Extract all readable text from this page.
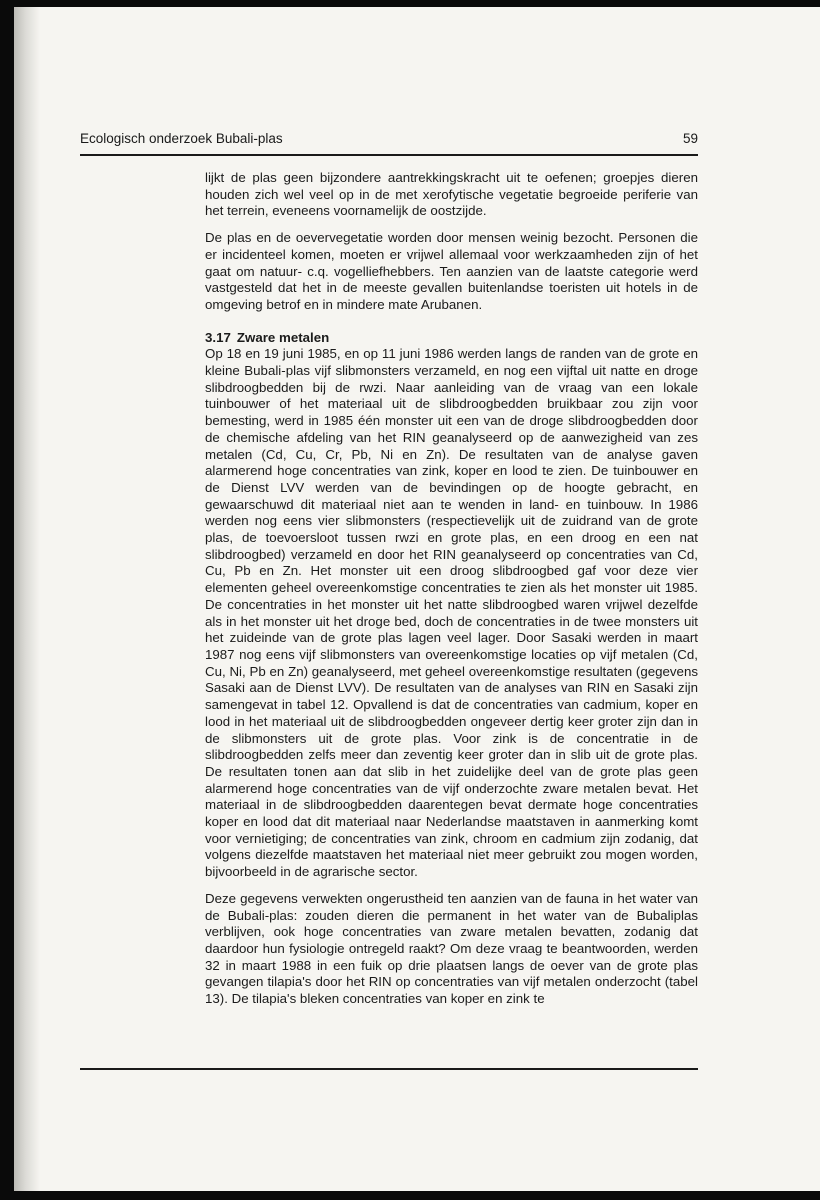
Ecologisch onderzoek Bubali-plas	59

lijkt de plas geen bijzondere aantrekkingskracht uit te oefenen; groepjes dieren houden zich wel veel op in de met xerofytische vegetatie begroeide periferie van het terrein, eveneens voornamelijk de oostzijde.

De plas en de oevervegetatie worden door mensen weinig bezocht. Personen die er incidenteel komen, moeten er vrijwel allemaal voor werkzaamheden zijn of het gaat om natuur- c.q. vogelliefhebbers. Ten aanzien van de laatste categorie werd vastgesteld dat het in de meeste gevallen buitenlandse toeristen uit hotels in de omgeving betrof en in mindere mate Arubanen.

3.17 Zware metalen

Op 18 en 19 juni 1985, en op 11 juni 1986 werden langs de randen van de grote en kleine Bubali-plas vijf slibmonsters verzameld, en nog een vijftal uit natte en droge slibdroogbedden bij de rwzi. Naar aanleiding van de vraag van een lokale tuinbouwer of het materiaal uit de slibdroogbedden bruikbaar zou zijn voor bemesting, werd in 1985 één monster uit een van de droge slibdroogbedden door de chemische afdeling van het RIN geanalyseerd op de aanwezigheid van zes metalen (Cd, Cu, Cr, Pb, Ni en Zn). De resultaten van de analyse gaven alarmerend hoge concentraties van zink, koper en lood te zien. De tuinbouwer en de Dienst LVV werden van de bevindingen op de hoogte gebracht, en gewaarschuwd dit materiaal niet aan te wenden in land- en tuinbouw. In 1986 werden nog eens vier slibmonsters (respectievelijk uit de zuidrand van de grote plas, de toevoersloot tussen rwzi en grote plas, en een droog en een nat slibdroogbed) verzameld en door het RIN geanalyseerd op concentraties van Cd, Cu, Pb en Zn. Het monster uit een droog slibdroogbed gaf voor deze vier elementen geheel overeenkomstige concentraties te zien als het monster uit 1985. De concentraties in het monster uit het natte slibdroogbed waren vrijwel dezelfde als in het monster uit het droge bed, doch de concentraties in de twee monsters uit het zuideinde van de grote plas lagen veel lager. Door Sasaki werden in maart 1987 nog eens vijf slibmonsters van overeenkomstige locaties op vijf metalen (Cd, Cu, Ni, Pb en Zn) geanalyseerd, met geheel overeenkomstige resultaten (gegevens Sasaki aan de Dienst LVV). De resultaten van de analyses van RIN en Sasaki zijn samengevat in tabel 12. Opvallend is dat de concentraties van cadmium, koper en lood in het materiaal uit de slibdroogbedden ongeveer dertig keer groter zijn dan in de slibmonsters uit de grote plas. Voor zink is de concentratie in de slibdroogbedden zelfs meer dan zeventig keer groter dan in slib uit de grote plas. De resultaten tonen aan dat slib in het zuidelijke deel van de grote plas geen alarmerend hoge concentraties van de vijf onderzochte zware metalen bevat. Het materiaal in de slibdroogbedden daarentegen bevat dermate hoge concentraties koper en lood dat dit materiaal naar Nederlandse maatstaven in aanmerking komt voor vernietiging; de concentraties van zink, chroom en cadmium zijn zodanig, dat volgens diezelfde maatstaven het materiaal niet meer gebruikt zou mogen worden, bijvoorbeeld in de agrarische sector.

Deze gegevens verwekten ongerustheid ten aanzien van de fauna in het water van de Bubali-plas: zouden dieren die permanent in het water van de Bubaliplas verblijven, ook hoge concentraties van zware metalen bevatten, zodanig dat daardoor hun fysiologie ontregeld raakt? Om deze vraag te beantwoorden, werden 32 in maart 1988 in een fuik op drie plaatsen langs de oever van de grote plas gevangen tilapia's door het RIN op concentraties van vijf metalen onderzocht (tabel 13). De tilapia's bleken concentraties van koper en zink te
